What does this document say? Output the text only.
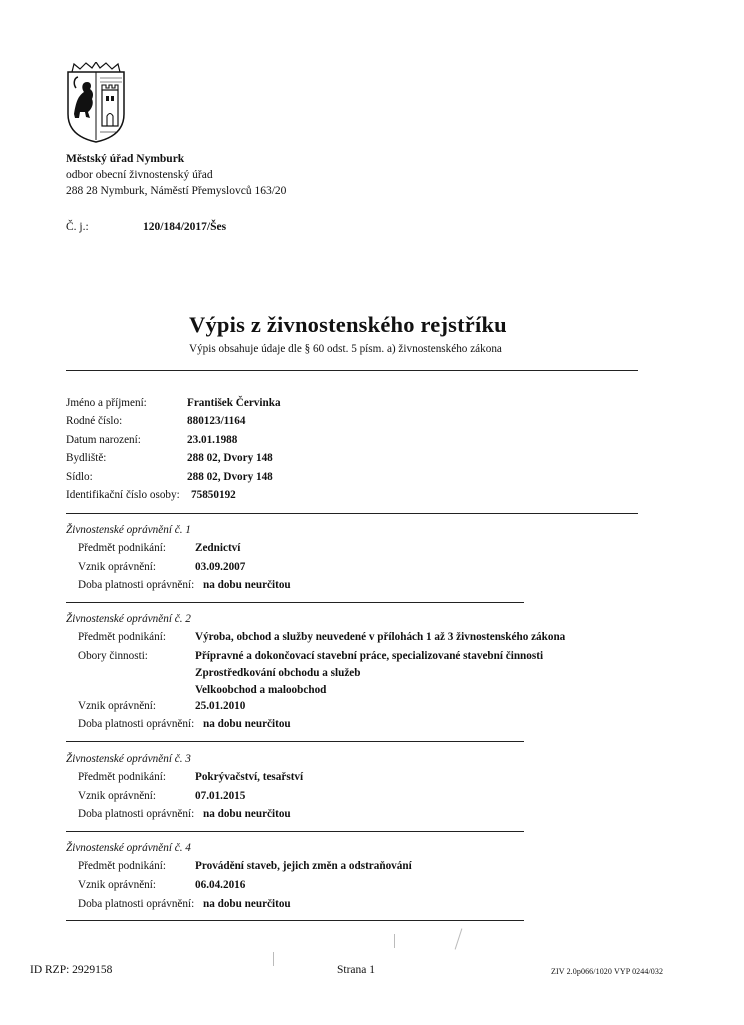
Městský úřad Nymburk
odbor obecní živnostenský úřad
288 28 Nymburk, Náměstí Přemyslovců 163/20
Č. j.:	120/184/2017/Šes
Výpis z živnostenského rejstříku
Výpis obsahuje údaje dle § 60 odst. 5 písm. a) živnostenského zákona
Jméno a příjmení:	František Červinka
Rodné číslo:	880123/1164
Datum narození:	23.01.1988
Bydliště:	288 02, Dvory 148
Sídlo:	288 02, Dvory 148
Identifikační číslo osoby: 75850192
Živnostenské oprávnění č. 1
Předmět podnikání:	Zednictví
Vznik oprávnění:	03.09.2007
Doba platnosti oprávnění: na dobu neurčitou
Živnostenské oprávnění č. 2
Předmět podnikání:	Výroba, obchod a služby neuvedené v přílohách 1 až 3 živnostenského zákona
Obory činnosti:	Přípravné a dokončovací stavební práce, specializované stavební činnosti
Zprostředkování obchodu a služeb
Velkoobchod a maloobchod
Vznik oprávnění:	25.01.2010
Doba platnosti oprávnění: na dobu neurčitou
Živnostenské oprávnění č. 3
Předmět podnikání:	Pokrývačství, tesařství
Vznik oprávnění:	07.01.2015
Doba platnosti oprávnění: na dobu neurčitou
Živnostenské oprávnění č. 4
Předmět podnikání:	Provádění staveb, jejich změn a odstraňování
Vznik oprávnění:	06.04.2016
Doba platnosti oprávnění: na dobu neurčitou
ID RZP: 2929158	Strana 1	ZIV 2.0p066/1020 VYP 0244/032
